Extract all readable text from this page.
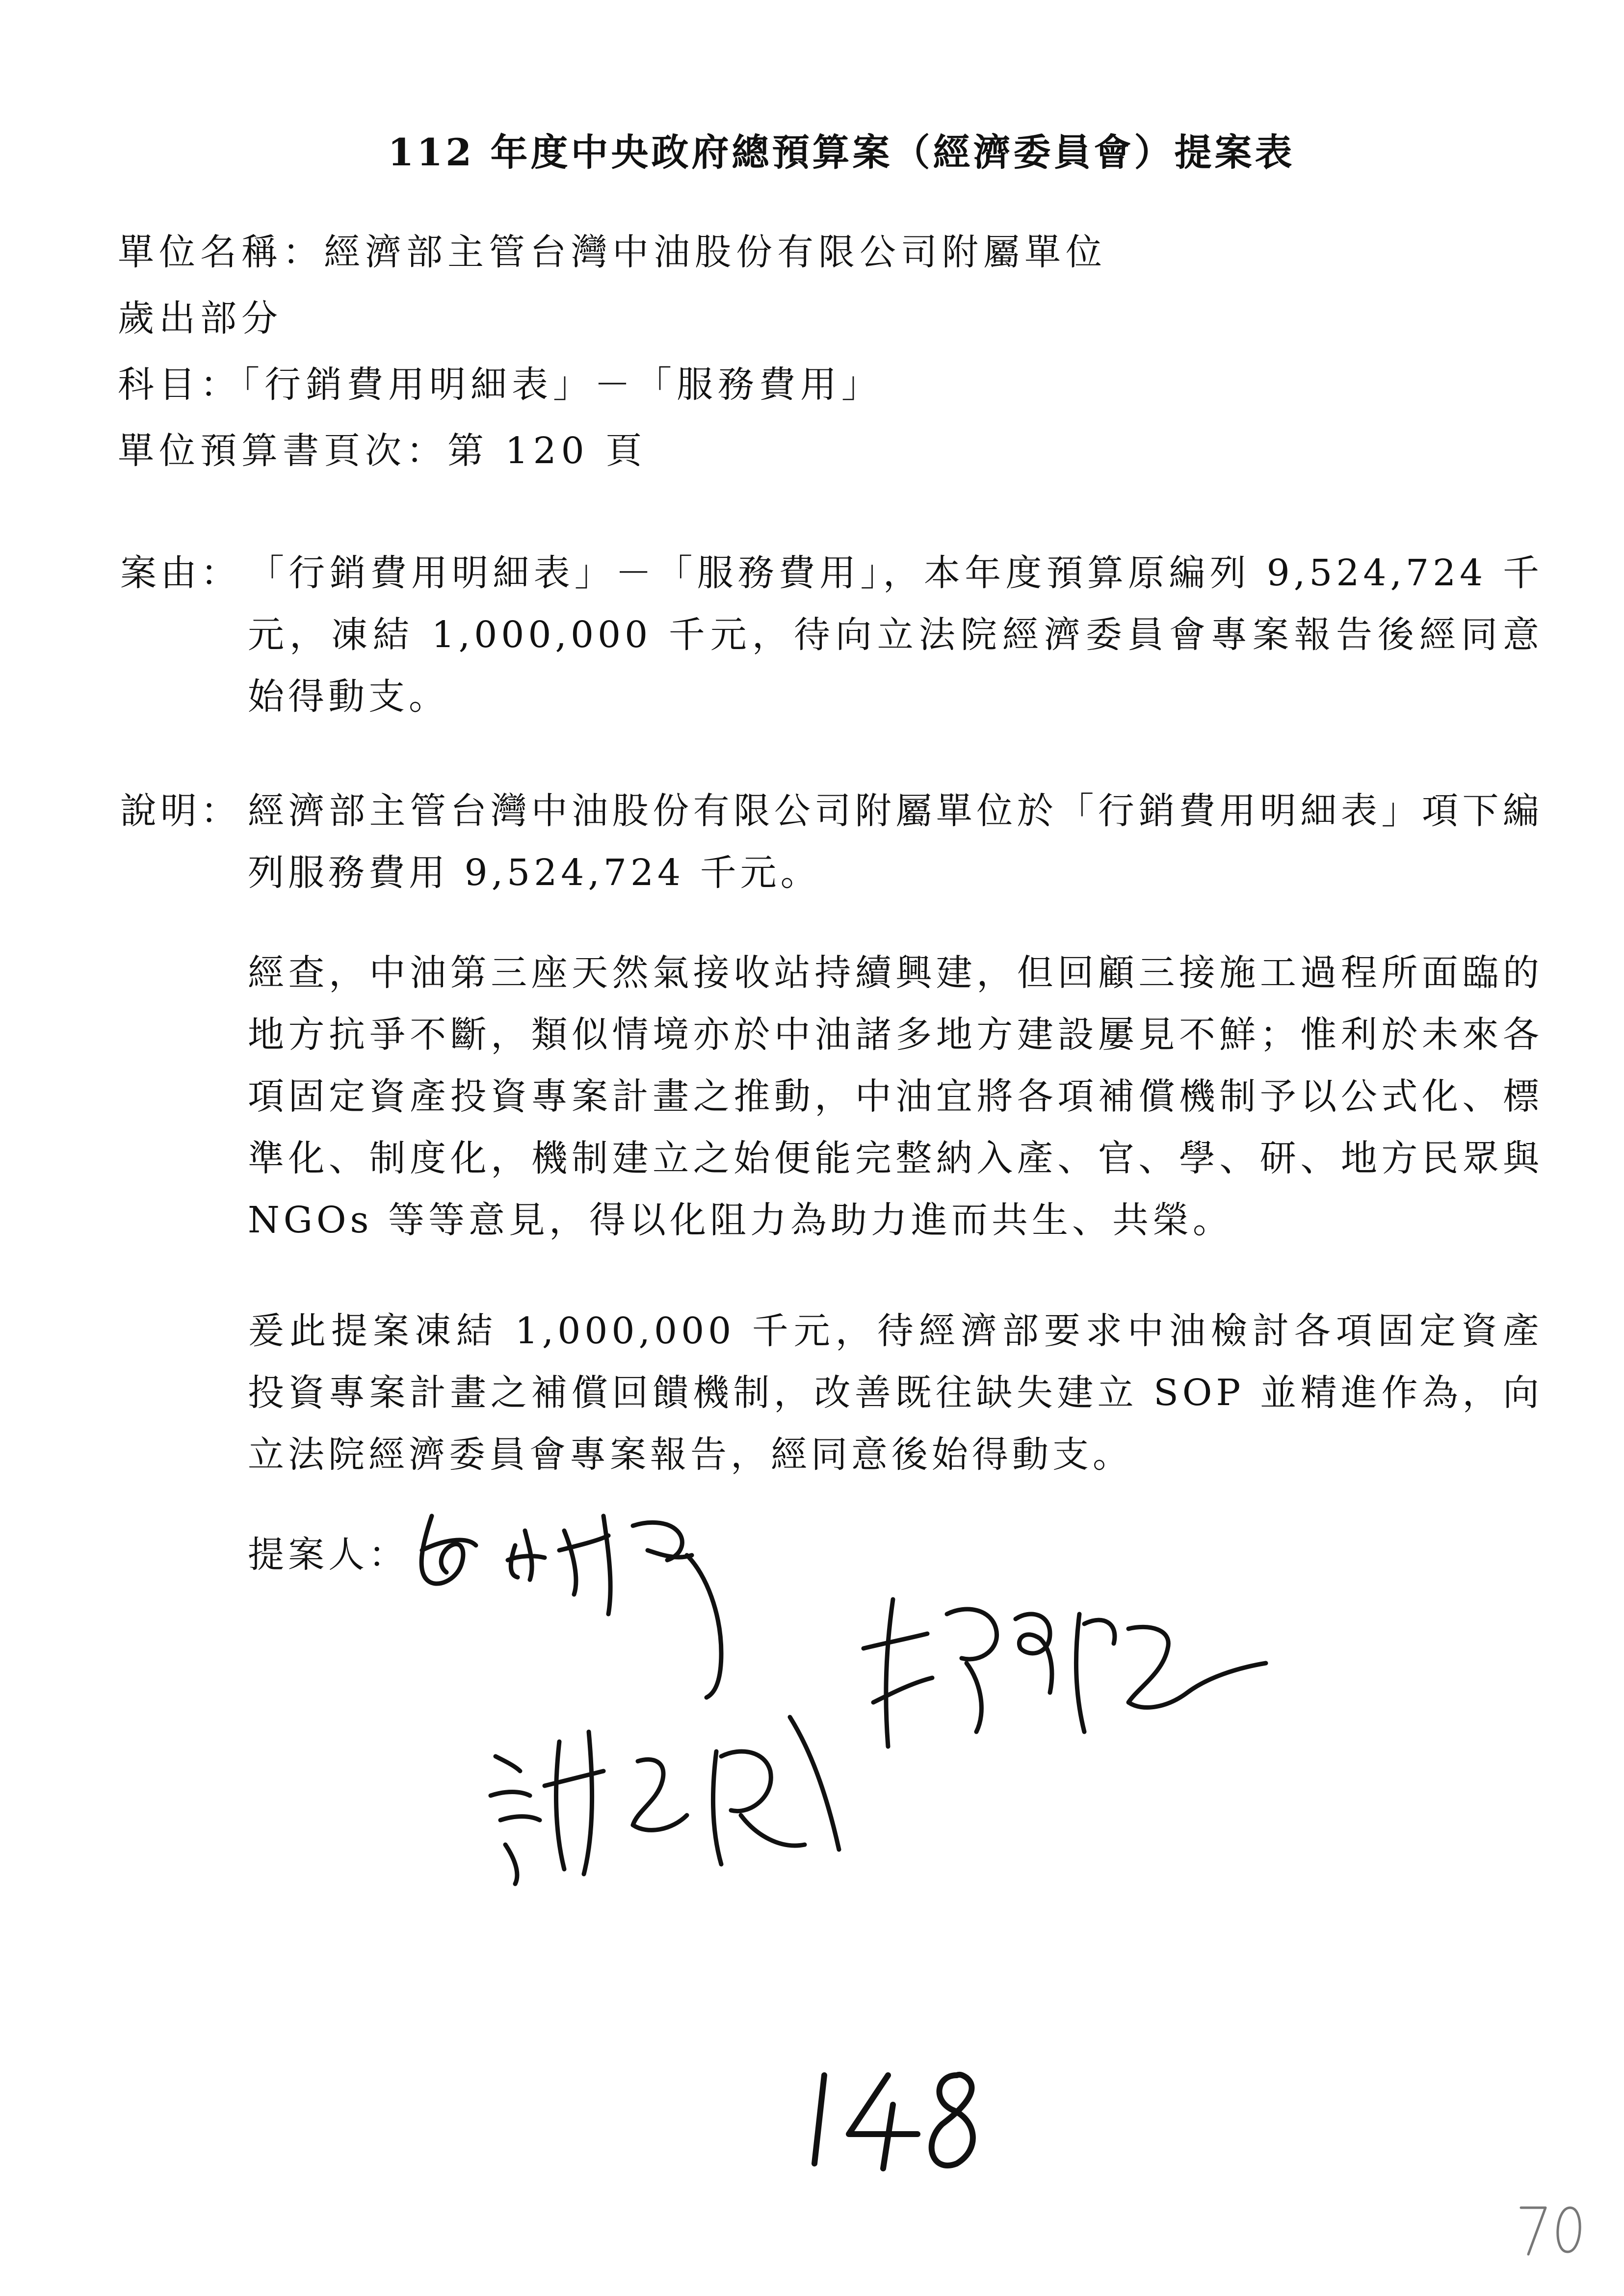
112 年度中央政府總預算案（經濟委員會）提案表
單位名稱：經濟部主管台灣中油股份有限公司附屬單位
歲出部分
科目：「行銷費用明細表」－「服務費用」
單位預算書頁次：第 120 頁
案由： 「行銷費用明細表」－「服務費用」，本年度預算原編列 9,524,724 千元，凍結 1,000,000 千元，待向立法院經濟委員會專案報告後經同意始得動支。
說明： 經濟部主管台灣中油股份有限公司附屬單位於「行銷費用明細表」項下編列服務費用 9,524,724 千元。
經查，中油第三座天然氣接收站持續興建，但回顧三接施工過程所面臨的地方抗爭不斷，類似情境亦於中油諸多地方建設屢見不鮮；惟利於未來各項固定資產投資專案計畫之推動，中油宜將各項補償機制予以公式化、標準化、制度化，機制建立之始便能完整納入產、官、學、研、地方民眾與 NGOs 等等意見，得以化阻力為助力進而共生、共榮。
爰此提案凍結 1,000,000 千元，待經濟部要求中油檢討各項固定資產投資專案計畫之補償回饋機制，改善既往缺失建立 SOP 並精進作為，向立法院經濟委員會專案報告，經同意後始得動支。
提案人：
